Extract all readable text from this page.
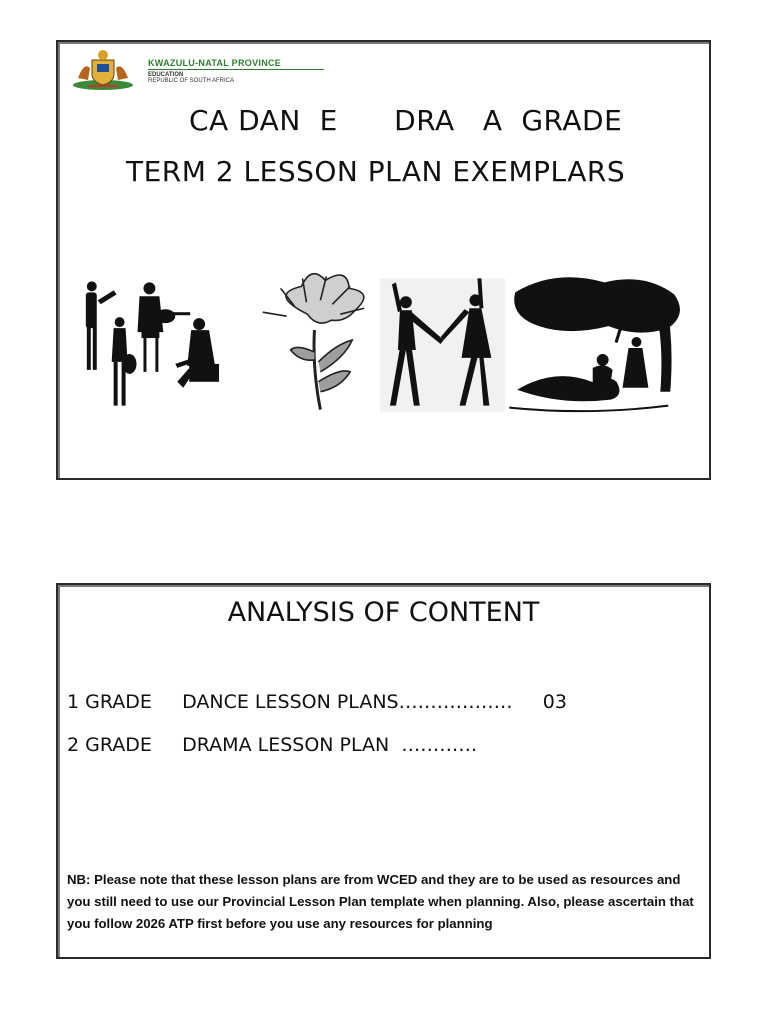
KWAZULU-NATAL PROVINCE
EDUCATION
REPUBLIC OF SOUTH AFRICA
CA DAN  E      DRA   A  GRADE
TERM 2 LESSON PLAN EXEMPLARS
ANALYSIS OF CONTENT
1 GRADE     DANCE LESSON PLANS………………     03
2 GRADE     DRAMA LESSON PLAN  …………
NB: Please note that these lesson plans are from WCED and they are to be used as resources and you still need to use our Provincial Lesson Plan template when planning. Also, please ascertain that you follow 2026 ATP first before you use any resources for planning
